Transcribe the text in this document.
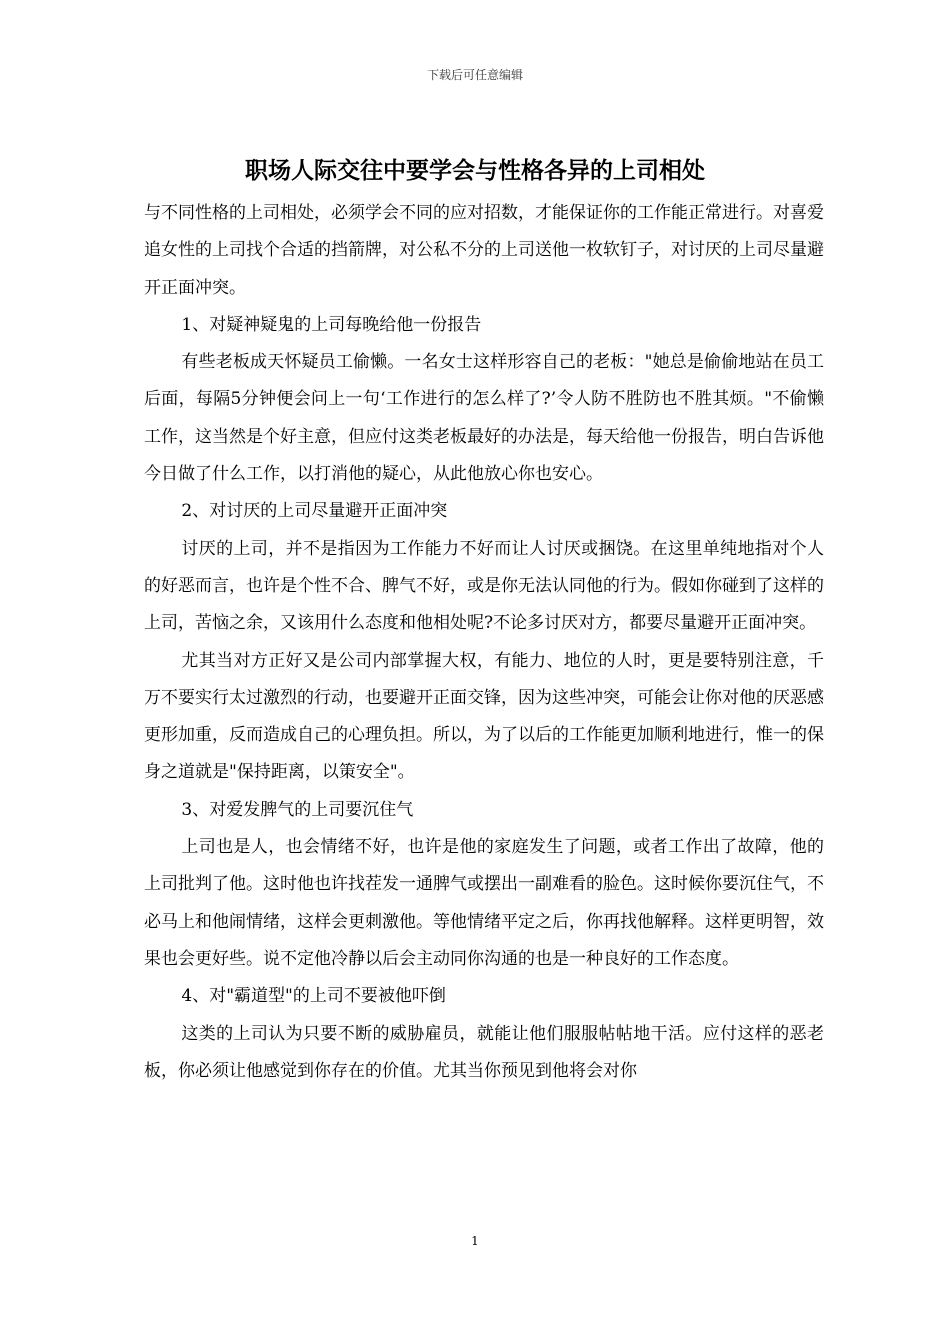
下载后可任意编辑
职场人际交往中要学会与性格各异的上司相处

与不同性格的上司相处，必须学会不同的应对招数，才能保证你的工作能正常进行。对喜爱追女性的上司找个合适的挡箭牌，对公私不分的上司送他一枚软钉子，对讨厌的上司尽量避开正面冲突。

1、对疑神疑鬼的上司每晚给他一份报告

有些老板成天怀疑员工偷懒。一名女士这样形容自己的老板："她总是偷偷地站在员工后面，每隔5分钟便会问上一句‘工作进行的怎么样了?’令人防不胜防也不胜其烦。"不偷懒工作，这当然是个好主意，但应付这类老板最好的办法是，每天给他一份报告，明白告诉他今日做了什么工作，以打消他的疑心，从此他放心你也安心。

2、对讨厌的上司尽量避开正面冲突

讨厌的上司，并不是指因为工作能力不好而让人讨厌或捆饶。在这里单纯地指对个人的好恶而言，也许是个性不合、脾气不好，或是你无法认同他的行为。假如你碰到了这样的上司，苦恼之余，又该用什么态度和他相处呢?不论多讨厌对方，都要尽量避开正面冲突。

尤其当对方正好又是公司内部掌握大权，有能力、地位的人时，更是要特别注意，千万不要实行太过激烈的行动，也要避开正面交锋，因为这些冲突，可能会让你对他的厌恶感更形加重，反而造成自己的心理负担。所以，为了以后的工作能更加顺利地进行，惟一的保身之道就是"保持距离，以策安全"。

3、对爱发脾气的上司要沉住气

上司也是人，也会情绪不好，也许是他的家庭发生了问题，或者工作出了故障，他的上司批判了他。这时他也许找茬发一通脾气或摆出一副难看的脸色。这时候你要沉住气，不必马上和他闹情绪，这样会更刺激他。等他情绪平定之后，你再找他解释。这样更明智，效果也会更好些。说不定他冷静以后会主动同你沟通的也是一种良好的工作态度。

4、对"霸道型"的上司不要被他吓倒

这类的上司认为只要不断的威胁雇员，就能让他们服服帖帖地干活。应付这样的恶老板，你必须让他感觉到你存在的价值。尤其当你预见到他将会对你

1
